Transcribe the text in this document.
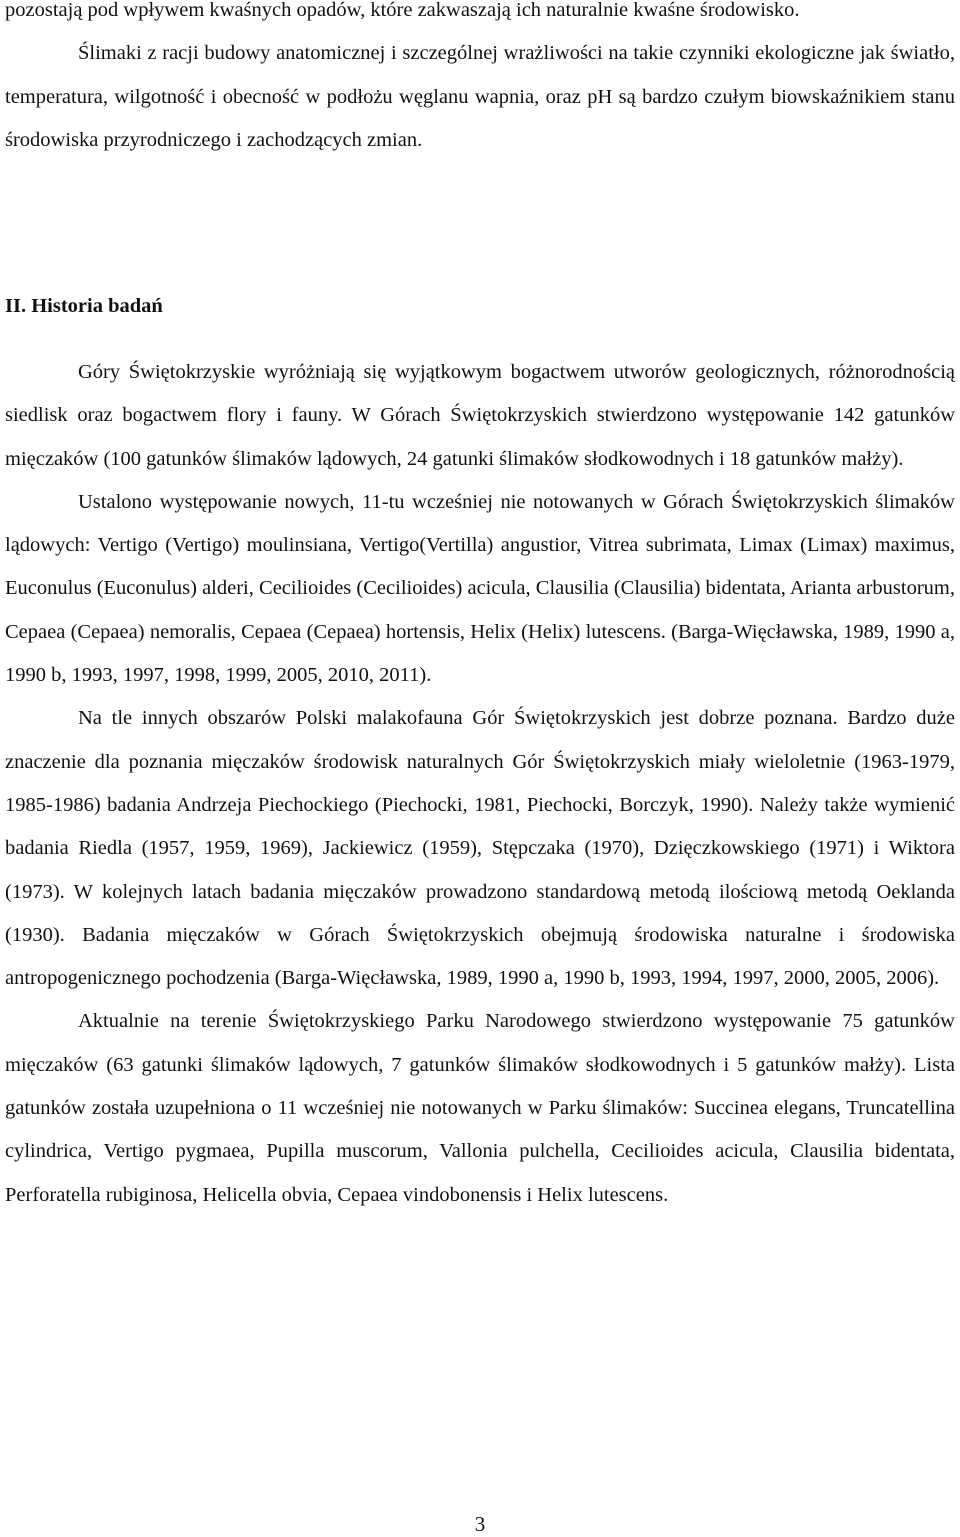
pozostają pod wpływem kwaśnych opadów, które zakwaszają ich naturalnie kwaśne środowisko.

Ślimaki z racji budowy anatomicznej i szczególnej wrażliwości na takie czynniki ekologiczne jak światło, temperatura, wilgotność i obecność w podłożu węglanu wapnia, oraz pH są bardzo czułym biowskaźnikiem stanu środowiska przyrodniczego i zachodzących zmian.

II. Historia badań

Góry Świętokrzyskie wyróżniają się wyjątkowym bogactwem utworów geologicznych, różnorodnością siedlisk oraz bogactwem flory i fauny. W Górach Świętokrzyskich stwierdzono występowanie 142 gatunków mięczaków (100 gatunków ślimaków lądowych, 24 gatunki ślimaków słodkowodnych i 18 gatunków małży).

Ustalono występowanie nowych, 11-tu wcześniej nie notowanych w Górach Świętokrzyskich ślimaków lądowych: Vertigo (Vertigo) moulinsiana, Vertigo(Vertilla) angustior, Vitrea subrimata, Limax (Limax) maximus, Euconulus (Euconulus) alderi, Cecilioides (Cecilioides) acicula, Clausilia (Clausilia) bidentata, Arianta arbustorum, Cepaea (Cepaea) nemoralis, Cepaea (Cepaea) hortensis, Helix (Helix) lutescens. (Barga-Więcławska, 1989, 1990 a, 1990 b, 1993, 1997, 1998, 1999, 2005, 2010, 2011).

Na tle innych obszarów Polski malakofauna Gór Świętokrzyskich jest dobrze poznana. Bardzo duże znaczenie dla poznania mięczaków środowisk naturalnych Gór Świętokrzyskich miały wieloletnie (1963-1979, 1985-1986) badania Andrzeja Piechockiego (Piechocki, 1981, Piechocki, Borczyk, 1990). Należy także wymienić badania Riedla (1957, 1959, 1969), Jackiewicz (1959), Stępczaka (1970), Dzięczkowskiego (1971) i Wiktora (1973). W kolejnych latach badania mięczaków prowadzono standardową metodą ilościową metodą Oeklanda (1930). Badania mięczaków w Górach Świętokrzyskich obejmują środowiska naturalne i środowiska antropogenicznego pochodzenia (Barga-Więcławska, 1989, 1990 a, 1990 b, 1993, 1994, 1997, 2000, 2005, 2006).

Aktualnie na terenie Świętokrzyskiego Parku Narodowego stwierdzono występowanie 75 gatunków mięczaków (63 gatunki ślimaków lądowych, 7 gatunków ślimaków słodkowodnych i 5 gatunków małży). Lista gatunków została uzupełniona o 11 wcześniej nie notowanych w Parku ślimaków: Succinea elegans, Truncatellina cylindrica, Vertigo pygmaea, Pupilla muscorum, Vallonia pulchella, Cecilioides acicula, Clausilia bidentata, Perforatella rubiginosa, Helicella obvia, Cepaea vindobonensis i Helix lutescens.

3
